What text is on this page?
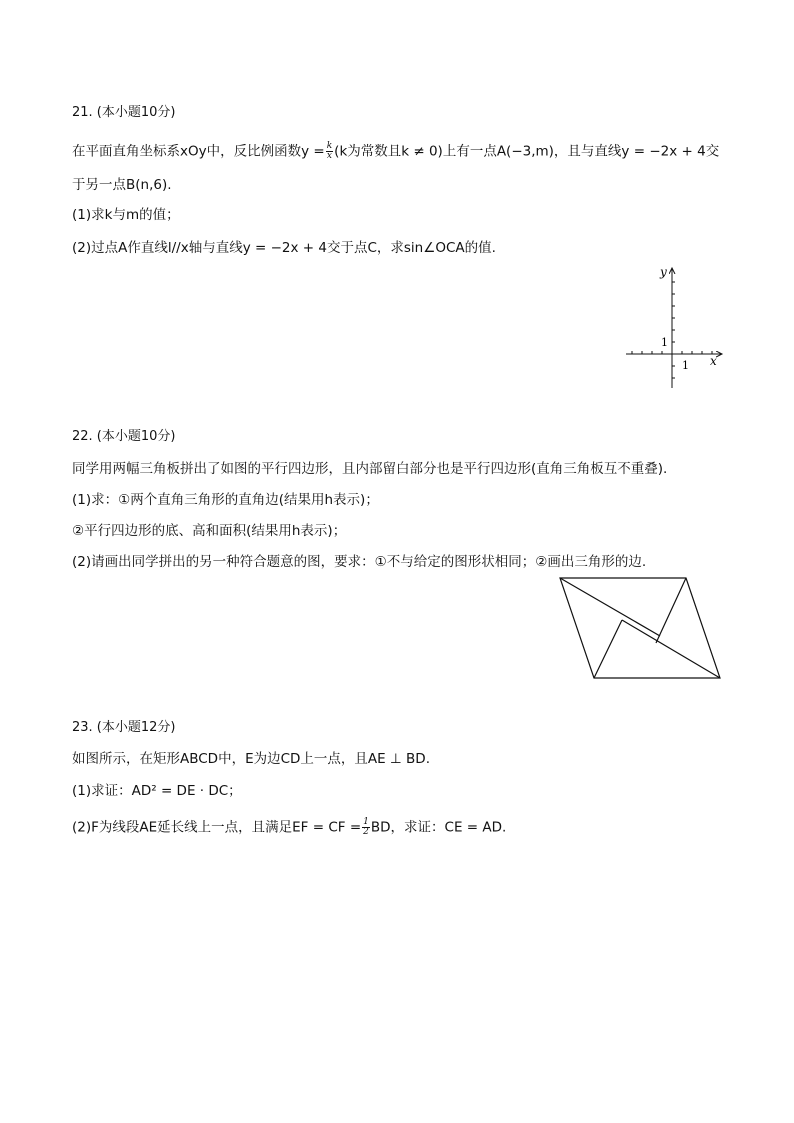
21. (本小题10分)
在平面直角坐标系xOy中，反比例函数$y = \frac{k}{x} (k$为常数且k ≠ 0)上有一点A(−3,m)，且与直线y = −2x + 4交
于另一点B(n,6).
(1)求k与m的值；
(2)过点A作直线l//x轴与直线y = −2x + 4交于点C，求sin∠OCA的值.
y
x
1
1
22. (本小题10分)
同学用两幅三角板拼出了如图的平行四边形，且内部留白部分也是平行四边形(直角三角板互不重叠).
(1)求：①两个直角三角形的直角边(结果用h表示)；
②平行四边形的底、高和面积(结果用h表示)；
(2)请画出同学拼出的另一种符合题意的图，要求：①不与给定的图形状相同；②画出三角形的边.
23. (本小题12分)
如图所示，在矩形ABCD中，E为边CD上一点，且AE ⊥ BD.
(1)求证：AD² = DE · DC；
(2)F为线段AE延长线上一点，且满足EF = CF = $\frac{1}{2}$ BD，求证：CE = AD.
